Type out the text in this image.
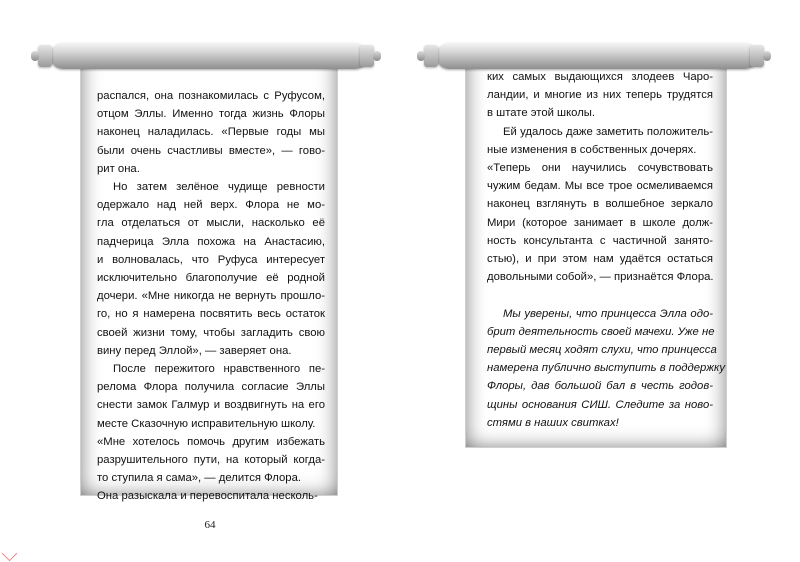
распался, она познакомилась с Руфусом,
отцом Эллы. Именно тогда жизнь Флоры
наконец наладилась. «Первые годы мы
были очень счастливы вместе», — гово-
рит она.
Но затем зелёное чудище ревности
одержало над ней верх. Флора не мо-
гла отделаться от мысли, насколько её
падчерица Элла похожа на Анастасию,
и волновалась, что Руфуса интересует
исключительно благополучие её родной
дочери. «Мне никогда не вернуть прошло-
го, но я намерена посвятить весь остаток
своей жизни тому, чтобы загладить свою
вину перед Эллой», — заверяет она.
После пережитого нравственного пе-
релома Флора получила согласие Эллы
снести замок Галмур и воздвигнуть на его
месте Сказочную исправительную школу.
«Мне хотелось помочь другим избежать
разрушительного пути, на который когда-
то ступила я сама», — делится Флора.
Она разыскала и перевоспитала несколь-
ких самых выдающихся злодеев Чаро-
ландии, и многие из них теперь трудятся
в штате этой школы.
Ей удалось даже заметить положитель-
ные изменения в собственных дочерях.
«Теперь они научились сочувствовать
чужим бедам. Мы все трое осмеливаемся
наконец взглянуть в волшебное зеркало
Мири (которое занимает в школе долж-
ность консультанта с частичной занято-
стью), и при этом нам удаётся остаться
довольными собой», — признаётся Флора.

Мы уверены, что принцесса Элла одо-
брит деятельность своей мачехи. Уже не
первый месяц ходят слухи, что принцесса
намерена публично выступить в поддержку
Флоры, дав большой бал в честь годов-
щины основания СИШ. Следите за ново-
стями в наших свитках!
64
